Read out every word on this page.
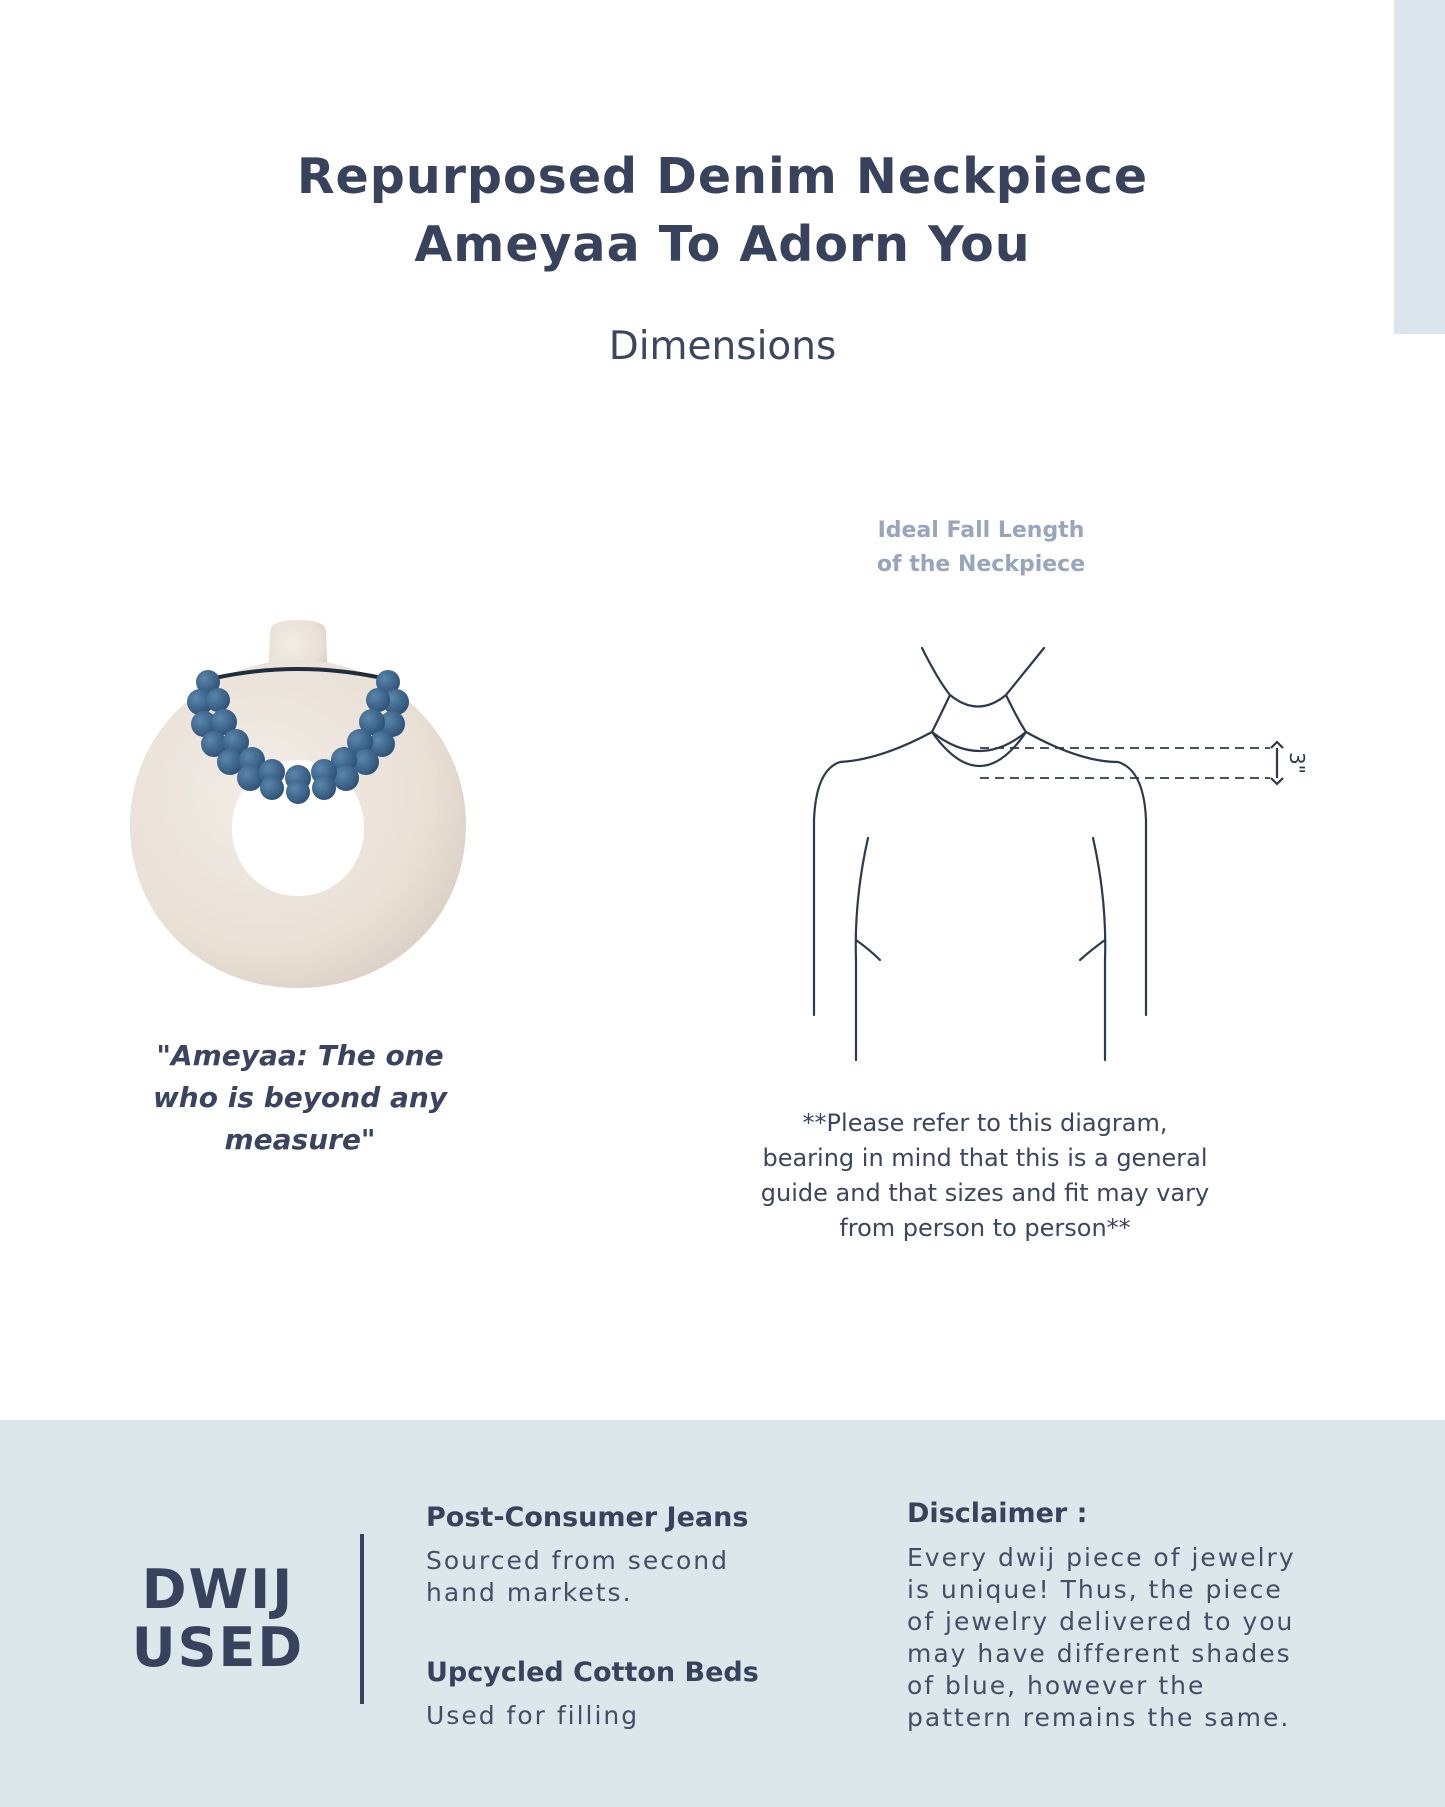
Repurposed Denim Neckpiece
Ameyaa To Adorn You
Dimensions
Ideal Fall Length
of the Neckpiece
3"

"Ameyaa: The one

who is beyond any

measure"	**Please refer to this diagram,

bearing in mind that this is a general

guide and that sizes and fit may vary

from person to person**

DWIJ
USED
Post-Consumer Jeans
Sourced from second
hand markets.
Upcycled Cotton Beds
Used for filling
Disclaimer :
Every dwij piece of jewelry
is unique! Thus, the piece
of jewelry delivered to you
may have different shades
of blue, however the
pattern remains the same.
